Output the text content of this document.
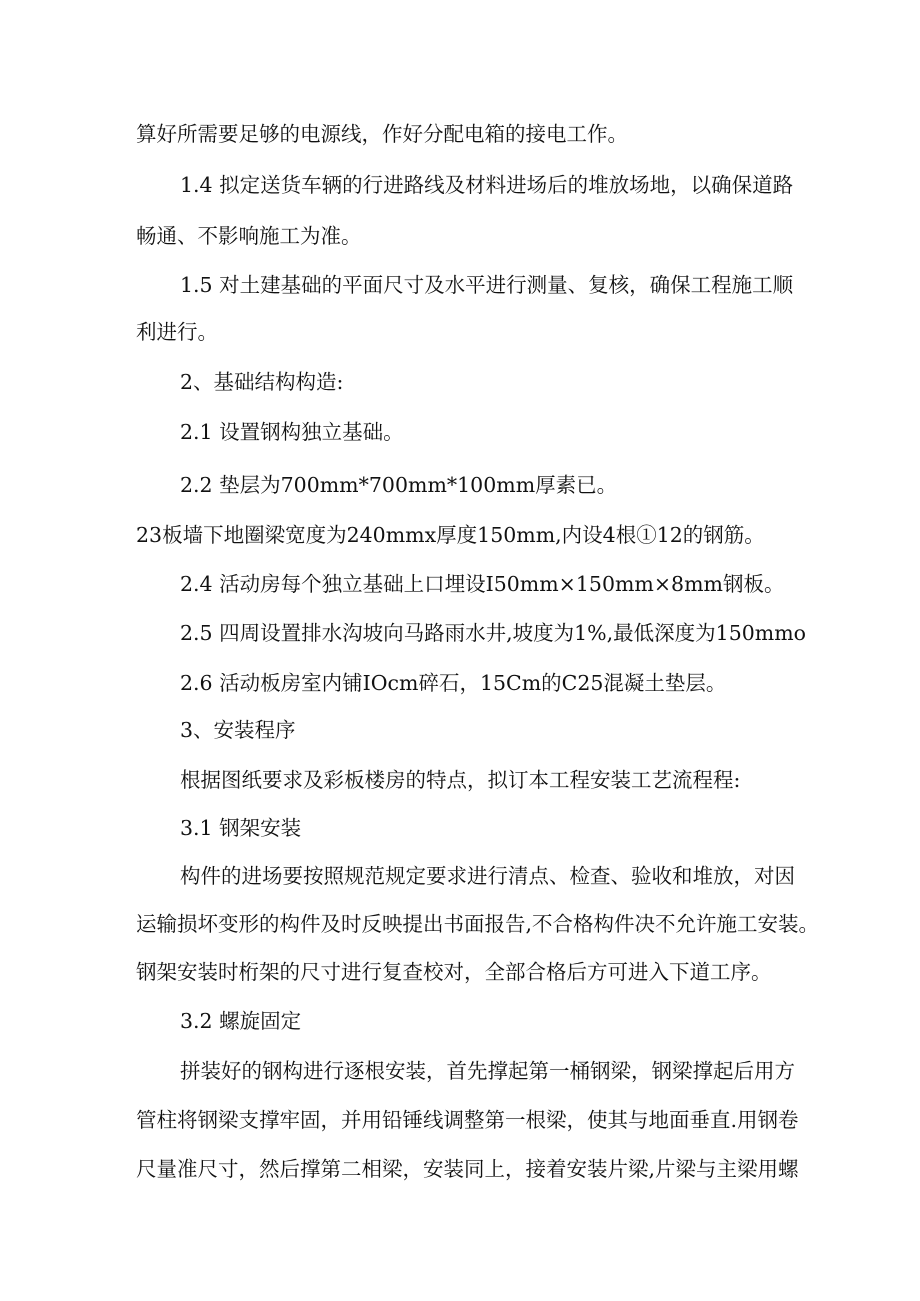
算好所需要足够的电源线，作好分配电箱的接电工作。
1.4 拟定送货车辆的行进路线及材料进场后的堆放场地，以确保道路
畅通、不影响施工为准。
1.5 对土建基础的平面尺寸及水平进行测量、复核，确保工程施工顺
利进行。
2、基础结构构造:
2.1 设置钢构独立基础。
2.2 垫层为700mm*700mm*100mm厚素已。
23板墙下地圈梁宽度为240mmx厚度150mm,内设4根①12的钢筋。
2.4 活动房每个独立基础上口埋设I50mm×150mm×8mm钢板。
2.5 四周设置排水沟坡向马路雨水井,坡度为1%,最低深度为150mmo
2.6 活动板房室内铺IOcm碎石，15Cm的C25混凝土垫层。
3、安装程序
根据图纸要求及彩板楼房的特点，拟订本工程安装工艺流程程:
3.1 钢架安装
构件的进场要按照规范规定要求进行清点、检查、验收和堆放，对因
运输损坏变形的构件及时反映提出书面报告,不合格构件决不允许施工安装。
钢架安装时桁架的尺寸进行复查校对，全部合格后方可进入下道工序。
3.2 螺旋固定
拼装好的钢构进行逐根安装，首先撑起第一桶钢梁，钢梁撑起后用方
管柱将钢梁支撑牢固，并用铅锤线调整第一根梁，使其与地面垂直.用钢卷
尺量准尺寸，然后撑第二相梁，安装同上，接着安装片梁,片梁与主梁用螺
